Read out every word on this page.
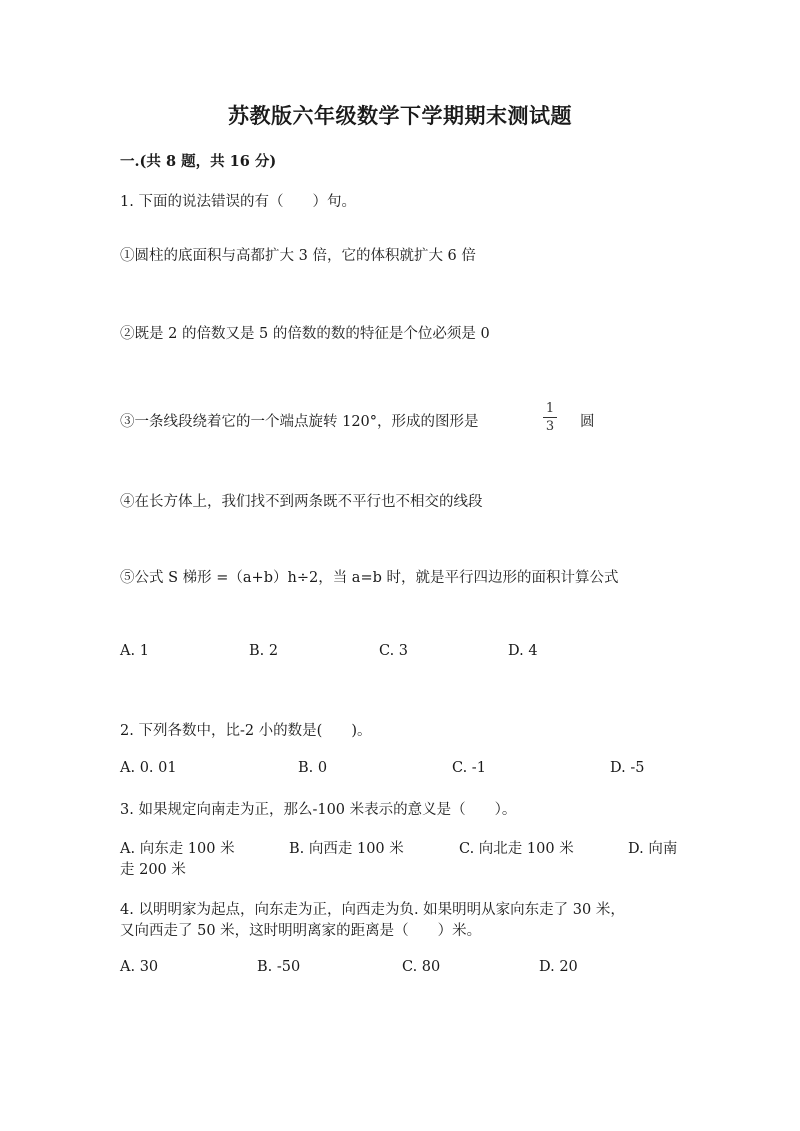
苏教版六年级数学下学期期末测试题
一.(共 8 题，共 16 分)
1. 下面的说法错误的有（　　）句。
①圆柱的底面积与高都扩大 3 倍，它的体积就扩大 6 倍
②既是 2 的倍数又是 5 的倍数的数的特征是个位必须是 0
③一条线段绕着它的一个端点旋转 120°，形成的图形是
1
3 圆
④在长方体上，我们找不到两条既不平行也不相交的线段
⑤公式 S 梯形 =（a+b）h÷2，当 a=b 时，就是平行四边形的面积计算公式
A. 1	B. 2	C. 3	D. 4
2. 下列各数中，比-2 小的数是(　　)。
A. 0. 01	B. 0	C. -1	D. -5
3. 如果规定向南走为正，那么-100 米表示的意义是（　　）。
A. 向东走 100 米	B. 向西走 100 米	C. 向北走 100 米	D. 向南
走 200 米
4. 以明明家为起点，向东走为正，向西走为负. 如果明明从家向东走了 30 米，
又向西走了 50 米，这时明明离家的距离是（　　）米。
A. 30	B. -50	C. 80	D. 20
